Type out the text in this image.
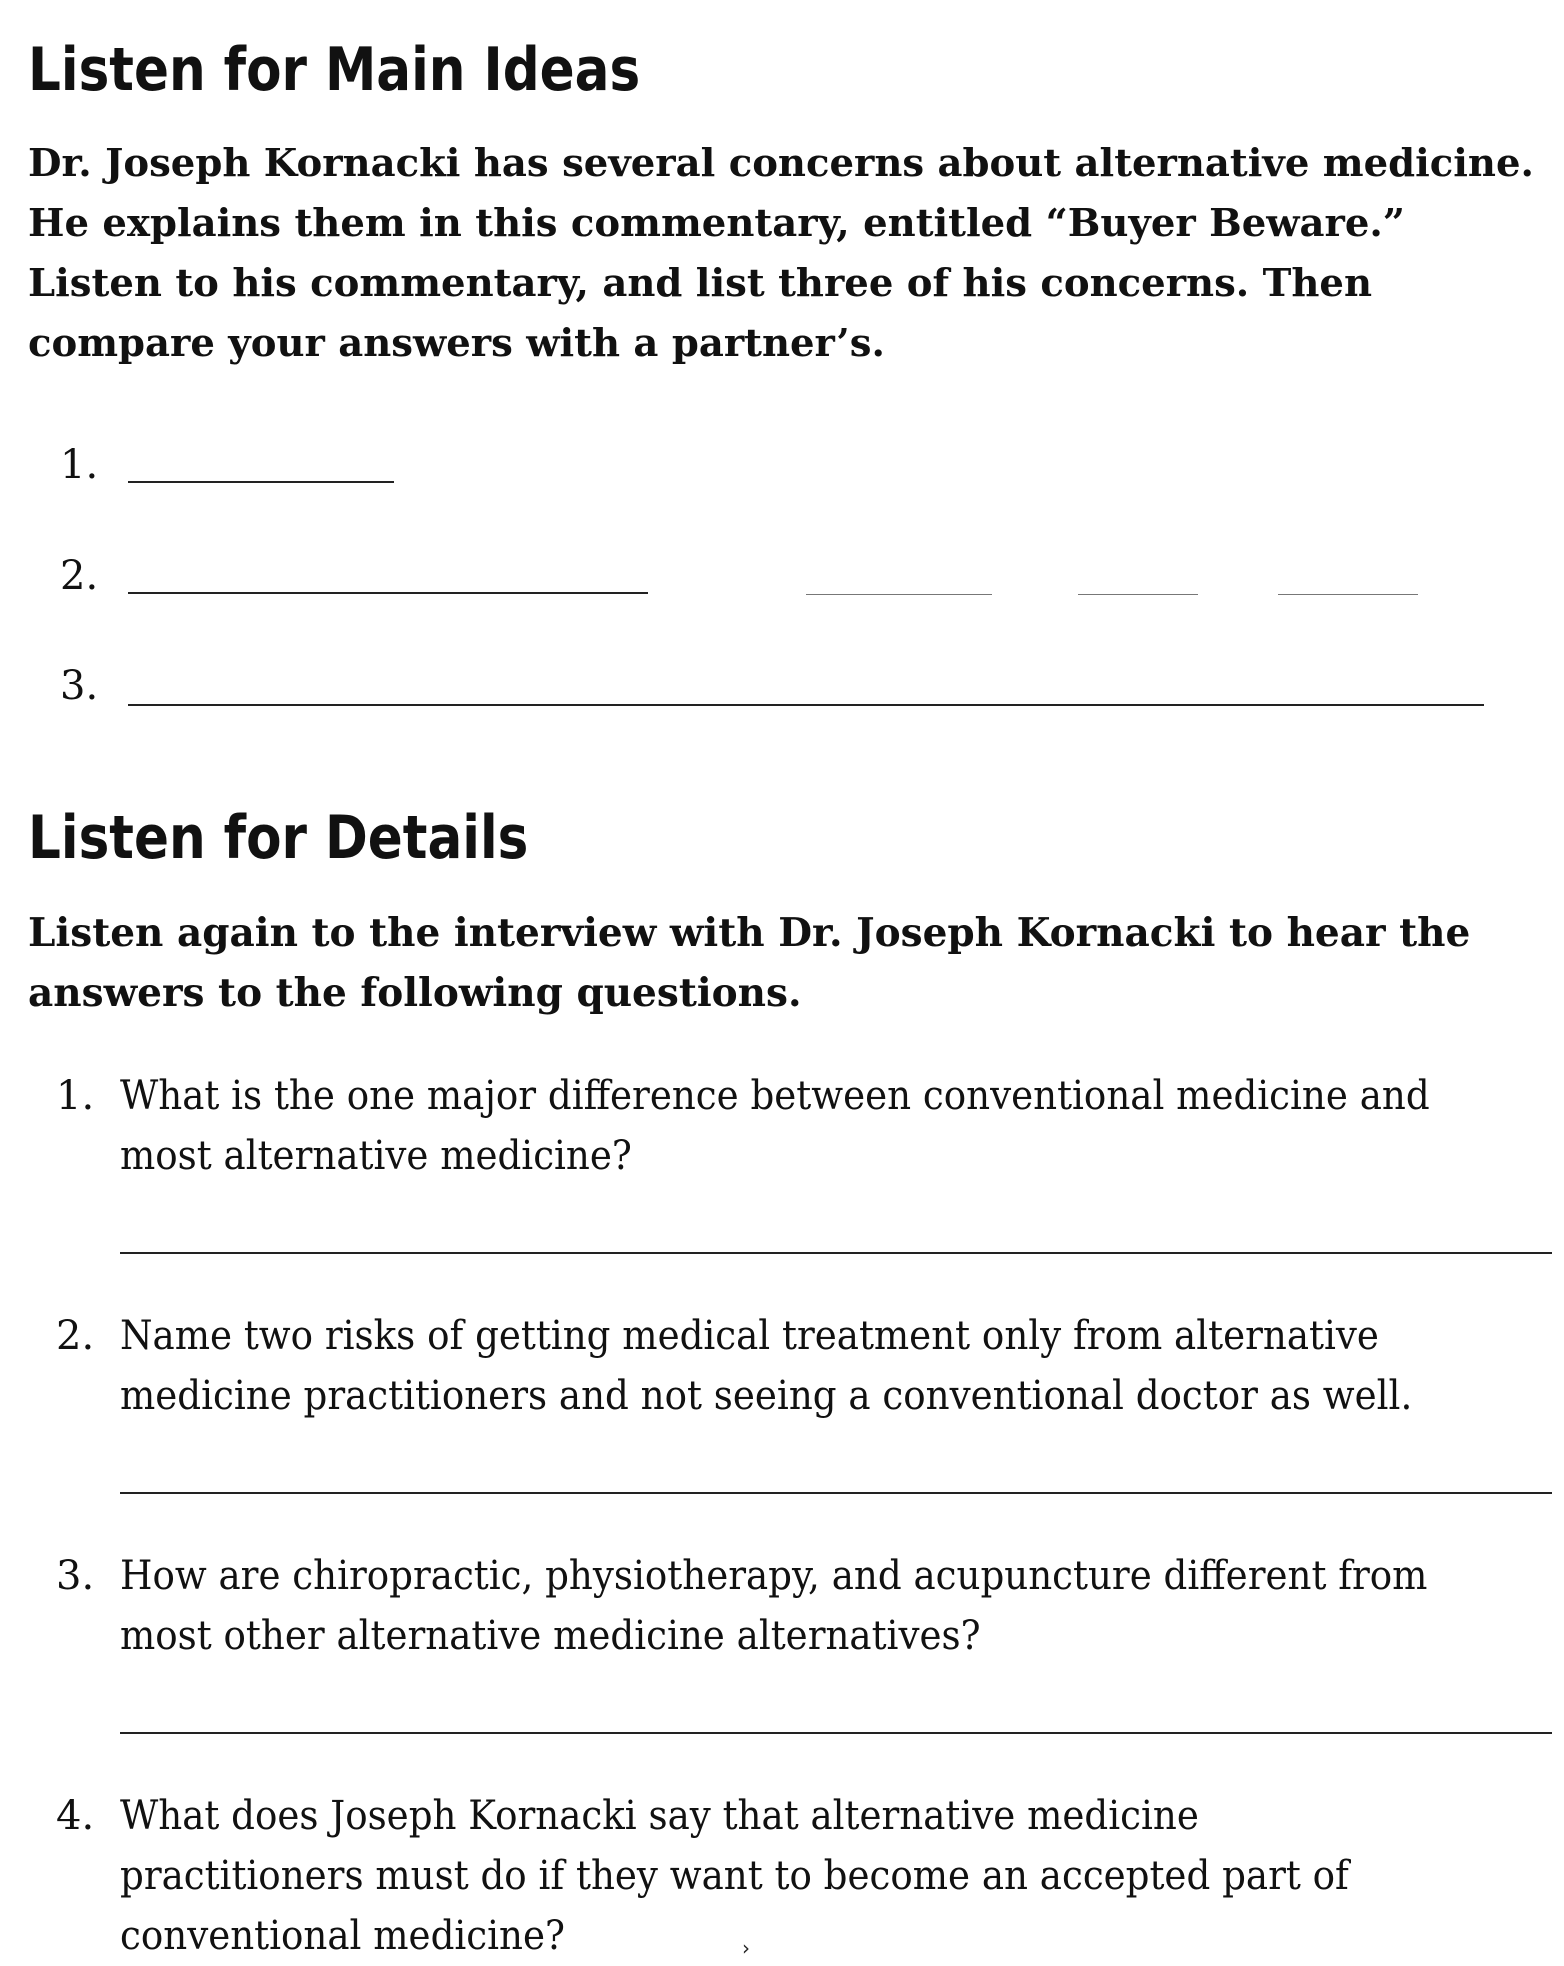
Listen for Main Ideas

Dr. Joseph Kornacki has several concerns about alternative medicine. He explains them in this commentary, entitled “Buyer Beware.” Listen to his commentary, and list three of his concerns. Then compare your answers with a partner’s.

1.
2.
3.
Listen for Details

Listen again to the interview with Dr. Joseph Kornacki to hear the answers to the following questions.

1. What is the one major difference between conventional medicine and most alternative medicine?

2. Name two risks of getting medical treatment only from alternative medicine practitioners and not seeing a conventional doctor as well.

3. How are chiropractic, physiotherapy, and acupuncture different from most other alternative medicine alternatives?

4. What does Joseph Kornacki say that alternative medicine practitioners must do if they want to become an accepted part of conventional medicine?	›
